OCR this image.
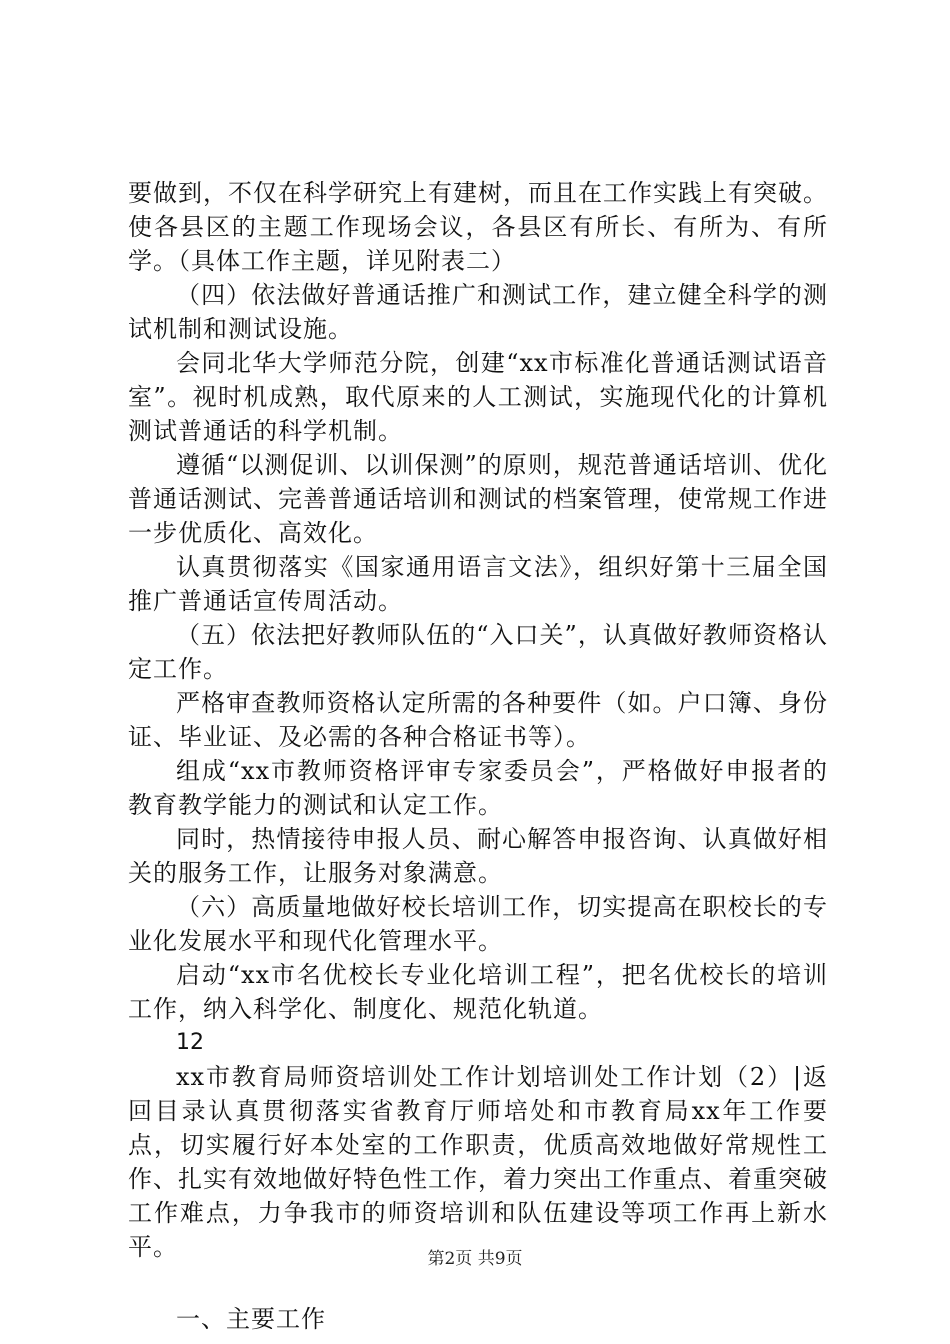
要做到，不仅在科学研究上有建树，而且在工作实践上有突破。使各县区的主题工作现场会议，各县区有所长、有所为、有所学。（具体工作主题，详见附表二）

（四）依法做好普通话推广和测试工作，建立健全科学的测试机制和测试设施。

会同北华大学师范分院，创建“xx市标准化普通话测试语音室”。视时机成熟，取代原来的人工测试，实施现代化的计算机测试普通话的科学机制。

遵循“以测促训、以训保测”的原则，规范普通话培训、优化普通话测试、完善普通话培训和测试的档案管理，使常规工作进一步优质化、高效化。

认真贯彻落实《国家通用语言文法》，组织好第十三届全国推广普通话宣传周活动。

（五）依法把好教师队伍的“入口关”，认真做好教师资格认定工作。

严格审查教师资格认定所需的各种要件（如。户口簿、身份证、毕业证、及必需的各种合格证书等）。

组成“xx市教师资格评审专家委员会”，严格做好申报者的教育教学能力的测试和认定工作。

同时，热情接待申报人员、耐心解答申报咨询、认真做好相关的服务工作，让服务对象满意。

（六）高质量地做好校长培训工作，切实提高在职校长的专业化发展水平和现代化管理水平。

启动“xx市名优校长专业化培训工程”，把名优校长的培训工作，纳入科学化、制度化、规范化轨道。

12

xx市教育局师资培训处工作计划培训处工作计划（2）|返回目录认真贯彻落实省教育厅师培处和市教育局xx年工作要点，切实履行好本处室的工作职责，优质高效地做好常规性工作、扎实有效地做好特色性工作，着力突出工作重点、着重突破工作难点，力争我市的师资培训和队伍建设等项工作再上新水平。

一、主要工作

第2页 共9页
